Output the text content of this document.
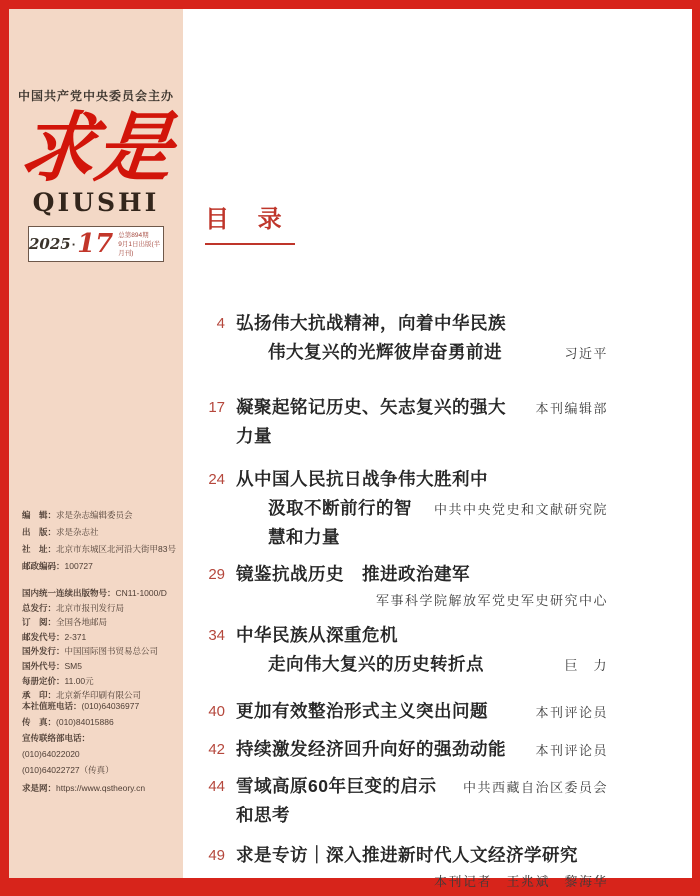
中国共产党中央委员会主办
求是
QIUSHI
2025 · 17 总第894期
9月1日出版(半月刊)
编　辑：求是杂志编辑委员会
出　版：求是杂志社
社　址：北京市东城区北河沿大街甲83号
邮政编码：100727
国内统一连续出版物号：CN11-1000/D
总发行：北京市报刊发行局
订　阅：全国各地邮局
邮发代号：2-371
国外发行：中国国际图书贸易总公司
国外代号：SM5
每册定价：11.00元
承　印：北京新华印刷有限公司
本社值班电话：(010)64036977
传　真：(010)84015886
宣传联络部电话：
(010)64022020
(010)64022727（传真）
求是网：https://www.qstheory.cn
目 录
4 弘扬伟大抗战精神，向着中华民族
伟大复兴的光辉彼岸奋勇前进	习近平
17 凝聚起铭记历史、矢志复兴的强大力量
本刊编辑部
24 从中国人民抗日战争伟大胜利中
汲取不断前行的智慧和力量
中共中央党史和文献研究院
29 镜鉴抗战历史　推进政治建军
军事科学院解放军党史军史研究中心
34 中华民族从深重危机
走向伟大复兴的历史转折点	巨　力
40 更加有效整治形式主义突出问题	本刊评论员
42 持续激发经济回升向好的强劲动能	本刊评论员
44 雪域高原60年巨变的启示和思考
中共西藏自治区委员会
49 求是专访｜深入推进新时代人文经济学研究
本刊记者　王兆斌　黎海华
